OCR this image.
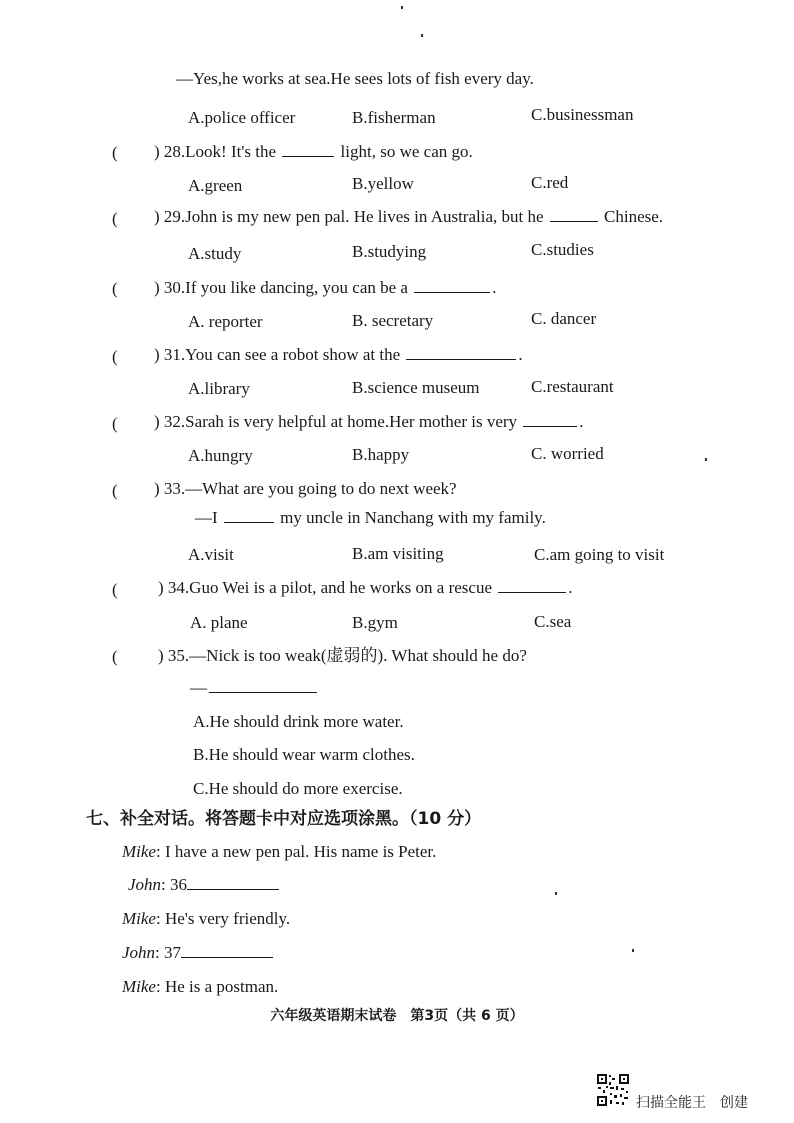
—Yes,he works at sea.He sees lots of fish every day.
A.police officer	B.fisherman	C.businessman
( ) 28.Look! It's the	light, so we can go.
A.green	B.yellow	C.red
( ) 29.John is my new pen pal. He lives in Australia, but he	Chinese.
A.study	B.studying	C.studies
( ) 30.If you like dancing, you can be a	.
A. reporter	B. secretary	C. dancer
( ) 31.You can see a robot show at the	.
A.library	B.science museum	C.restaurant
( ) 32.Sarah is very helpful at home.Her mother is very	.
A.hungry	B.happy	C. worried
( ) 33.—What are you going to do next week?
—I	my uncle in Nanchang with my family.
A.visit	B.am visiting	C.am going to visit
( ) 34.Guo Wei is a pilot, and he works on a rescue	.
A. plane	B.gym	C.sea
( ) 35.—Nick is too weak(虚弱的). What should he do?
—
A.He should drink more water.
B.He should wear warm clothes.
C.He should do more exercise.
七、补全对话。将答题卡中对应选项涂黑。（10 分）
Mike: I have a new pen pal. His name is Peter.
John: 36
Mike: He's very friendly.
John: 37
Mike: He is a postman.
六年级英语期末试卷　第3页（共 6 页）
扫描全能王　创建
